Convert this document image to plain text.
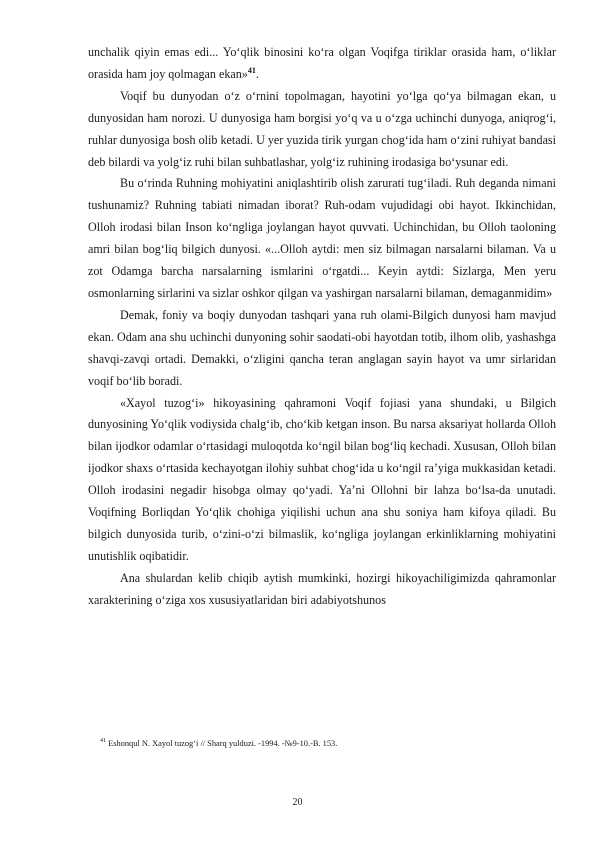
unchalik qiyin emas edi... Yo‘qlik binosini ko‘ra olgan Voqifga tiriklar orasida ham, o‘liklar orasida ham joy qolmagan ekan»$^{41}$.

Voqif bu dunyodan o‘z o‘rnini topolmagan, hayotini yo‘lga qo‘ya bilmagan ekan, u dunyosidan ham norozi. U dunyosiga ham borgisi yo‘q va u o‘zga uchinchi dunyoga, aniqrog‘i, ruhlar dunyosiga bosh olib ketadi. U yer yuzida tirik yurgan chog‘ida ham o‘zini ruhiyat bandasi deb bilardi va yolg‘iz ruhi bilan suhbatlashar, yolg‘iz ruhining irodasiga bo‘ysunar edi.

Bu o‘rinda Ruhning mohiyatini aniqlashtirib olish zarurati tug‘iladi. Ruh deganda nimani tushunamiz? Ruhning tabiati nimadan iborat? Ruh-odam vujudidagi obi hayot. Ikkinchidan, Olloh irodasi bilan Inson ko‘ngliga joylangan hayot quvvati. Uchinchidan, bu Olloh taoloning amri bilan bog‘liq bilgich dunyosi. «...Olloh aytdi: men siz bilmagan narsalarni bilaman. Va u zot Odamga barcha narsalarning ismlarini o‘rgatdi... Keyin aytdi: Sizlarga, Men yeru osmonlarning sirlarini va sizlar oshkor qilgan va yashirgan narsalarni bilaman, demaganmidim»

Demak, foniy va boqiy dunyodan tashqari yana ruh olami-Bilgich dunyosi ham mavjud ekan. Odam ana shu uchinchi dunyoning sohir saodati-obi hayotdan totib, ilhom olib, yashashga shavqi-zavqi ortadi. Demakki, o‘zligini qancha teran anglagan sayin hayot va umr sirlaridan voqif bo‘lib boradi.

«Xayol tuzog‘i» hikoyasining qahramoni Voqif fojiasi yana shundaki, u Bilgich dunyosining Yo‘qlik vodiysida chalg‘ib, cho‘kib ketgan inson. Bu narsa aksariyat hollarda Olloh bilan ijodkor odamlar o‘rtasidagi muloqotda ko‘ngil bilan bog‘liq kechadi. Xususan, Olloh bilan ijodkor shaxs o‘rtasida kechayotgan ilohiy suhbat chog‘ida u ko‘ngil ra’yiga mukkasidan ketadi. Olloh irodasini negadir hisobga olmay qo‘yadi. Ya’ni Ollohni bir lahza bo‘lsa-da unutadi. Voqifning Borliqdan Yo‘qlik chohiga yiqilishi uchun ana shu soniya ham kifoya qiladi. Bu bilgich dunyosida turib, o‘zini-o‘zi bilmaslik, ko‘ngliga joylangan erkinliklarning mohiyatini unutishlik oqibatidir.

Ana shulardan kelib chiqib aytish mumkinki, hozirgi hikoyachiligimizda qahramonlar xarakterining o‘ziga xos xususiyatlaridan biri adabiyotshunos

$^{41}$ Eshonqul N. Xayol tuzog‘i // Sharq yulduzi. -1994. -№9-10.-B. 153.
20
